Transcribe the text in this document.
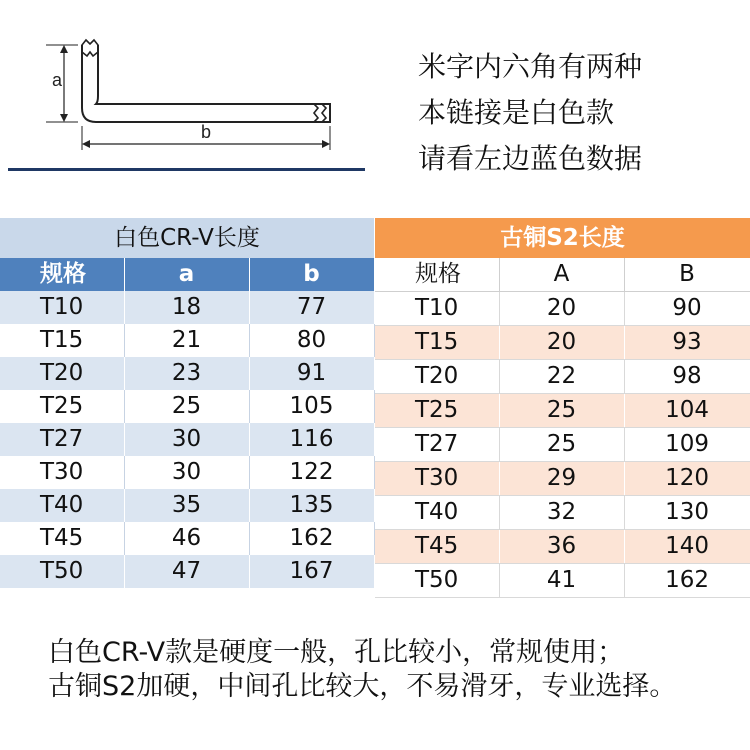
a
b
米字内六角有两种
本链接是白色款
请看左边蓝色数据
白色CR-V长度		
规格	a	b
T10	18	77
T15	21	80
T20	23	91
T25	25	105
T27	30	116
T30	30	122
T40	35	135
T45	46	162
T50	47	167
古铜S2长度		
规格	A	B
T10	20	90
T15	20	93
T20	22	98
T25	25	104
T27	25	109
T30	29	120
T40	32	130
T45	36	140
T50	41	162
白色CR-V款是硬度一般，孔比较小，常规使用；
古铜S2加硬，中间孔比较大，不易滑牙，专业选择。
